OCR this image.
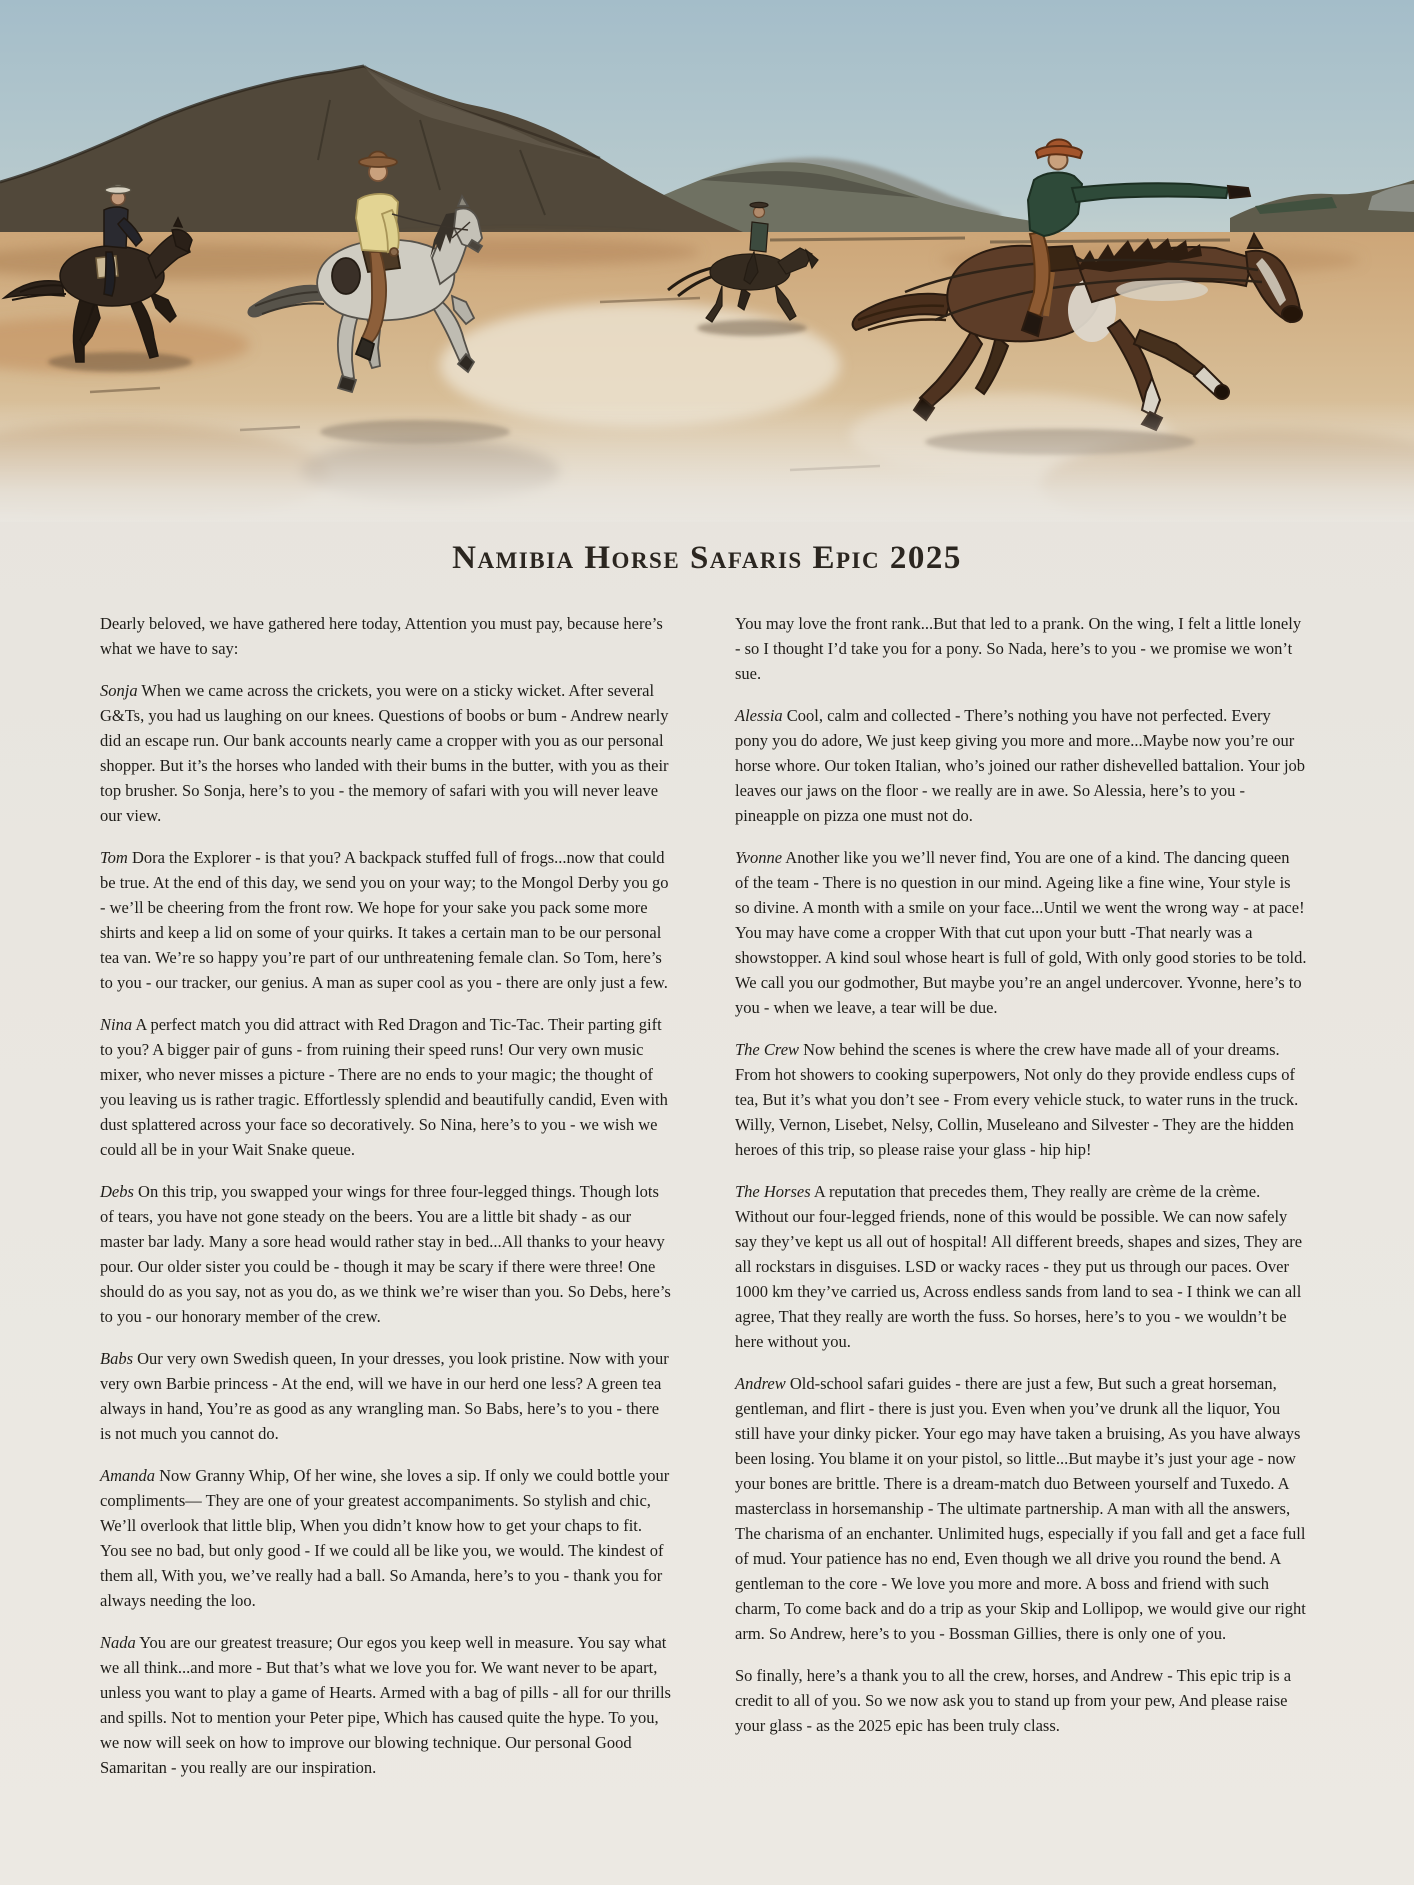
Namibia Horse Safaris Epic 2025

Dearly beloved, we have gathered here today, Attention you must pay, because here’s what we have to say:

Sonja When we came across the crickets, you were on a sticky wicket. After several G&Ts, you had us laughing on our knees. Questions of boobs or bum - Andrew nearly did an escape run. Our bank accounts nearly came a cropper with you as our personal shopper. But it’s the horses who landed with their bums in the butter, with you as their top brusher. So Sonja, here’s to you - the memory of safari with you will never leave our view.

Tom Dora the Explorer - is that you? A backpack stuffed full of frogs...now that could be true. At the end of this day, we send you on your way; to the Mongol Derby you go - we’ll be cheering from the front row. We hope for your sake you pack some more shirts and keep a lid on some of your quirks. It takes a certain man to be our personal tea van. We’re so happy you’re part of our unthreatening female clan. So Tom, here’s to you - our tracker, our genius. A man as super cool as you - there are only just a few.

Nina A perfect match you did attract with Red Dragon and Tic-Tac. Their parting gift to you? A bigger pair of guns - from ruining their speed runs! Our very own music mixer, who never misses a picture - There are no ends to your magic; the thought of you leaving us is rather tragic. Effortlessly splendid and beautifully candid, Even with dust splattered across your face so decoratively. So Nina, here’s to you - we wish we could all be in your Wait Snake queue.

Debs On this trip, you swapped your wings for three four-legged things. Though lots of tears, you have not gone steady on the beers. You are a little bit shady - as our master bar lady. Many a sore head would rather stay in bed...All thanks to your heavy pour. Our older sister you could be - though it may be scary if there were three! One should do as you say, not as you do, as we think we’re wiser than you. So Debs, here’s to you - our honorary member of the crew.

Babs Our very own Swedish queen, In your dresses, you look pristine. Now with your very own Barbie princess - At the end, will we have in our herd one less? A green tea always in hand, You’re as good as any wrangling man. So Babs, here’s to you - there is not much you cannot do.

Amanda Now Granny Whip, Of her wine, she loves a sip. If only we could bottle your compliments— They are one of your greatest accompaniments. So stylish and chic, We’ll overlook that little blip, When you didn’t know how to get your chaps to fit. You see no bad, but only good - If we could all be like you, we would. The kindest of them all, With you, we’ve really had a ball. So Amanda, here’s to you - thank you for always needing the loo.

Nada You are our greatest treasure; Our egos you keep well in measure. You say what we all think...and more - But that’s what we love you for. We want never to be apart, unless you want to play a game of Hearts. Armed with a bag of pills - all for our thrills and spills. Not to mention your Peter pipe, Which has caused quite the hype. To you, we now will seek on how to improve our blowing technique. Our personal Good Samaritan - you really are our inspiration.

You may love the front rank...But that led to a prank. On the wing, I felt a little lonely - so I thought I’d take you for a pony. So Nada, here’s to you - we promise we won’t sue.

Alessia Cool, calm and collected - There’s nothing you have not perfected. Every pony you do adore, We just keep giving you more and more...Maybe now you’re our horse whore. Our token Italian, who’s joined our rather dishevelled battalion. Your job leaves our jaws on the floor - we really are in awe. So Alessia, here’s to you - pineapple on pizza one must not do.

Yvonne Another like you we’ll never find, You are one of a kind. The dancing queen of the team - There is no question in our mind. Ageing like a fine wine, Your style is so divine. A month with a smile on your face...Until we went the wrong way - at pace! You may have come a cropper With that cut upon your butt -That nearly was a showstopper. A kind soul whose heart is full of gold, With only good stories to be told. We call you our godmother, But maybe you’re an angel undercover. Yvonne, here’s to you - when we leave, a tear will be due.

The Crew Now behind the scenes is where the crew have made all of your dreams. From hot showers to cooking superpowers, Not only do they provide endless cups of tea, But it’s what you don’t see - From every vehicle stuck, to water runs in the truck. Willy, Vernon, Lisebet, Nelsy, Collin, Museleano and Silvester - They are the hidden heroes of this trip, so please raise your glass - hip hip!

The Horses A reputation that precedes them, They really are crème de la crème. Without our four-legged friends, none of this would be possible. We can now safely say they’ve kept us all out of hospital! All different breeds, shapes and sizes, They are all rockstars in disguises. LSD or wacky races - they put us through our paces. Over 1000 km they’ve carried us, Across endless sands from land to sea - I think we can all agree, That they really are worth the fuss. So horses, here’s to you - we wouldn’t be here without you.

Andrew Old-school safari guides - there are just a few, But such a great horseman, gentleman, and flirt - there is just you. Even when you’ve drunk all the liquor, You still have your dinky picker. Your ego may have taken a bruising, As you have always been losing. You blame it on your pistol, so little...But maybe it’s just your age - now your bones are brittle. There is a dream-match duo Between yourself and Tuxedo. A masterclass in horsemanship - The ultimate partnership. A man with all the answers, The charisma of an enchanter. Unlimited hugs, especially if you fall and get a face full of mud. Your patience has no end, Even though we all drive you round the bend. A gentleman to the core - We love you more and more. A boss and friend with such charm, To come back and do a trip as your Skip and Lollipop, we would give our right arm. So Andrew, here’s to you - Bossman Gillies, there is only one of you.

So finally, here’s a thank you to all the crew, horses, and Andrew - This epic trip is a credit to all of you. So we now ask you to stand up from your pew, And please raise your glass - as the 2025 epic has been truly class.
